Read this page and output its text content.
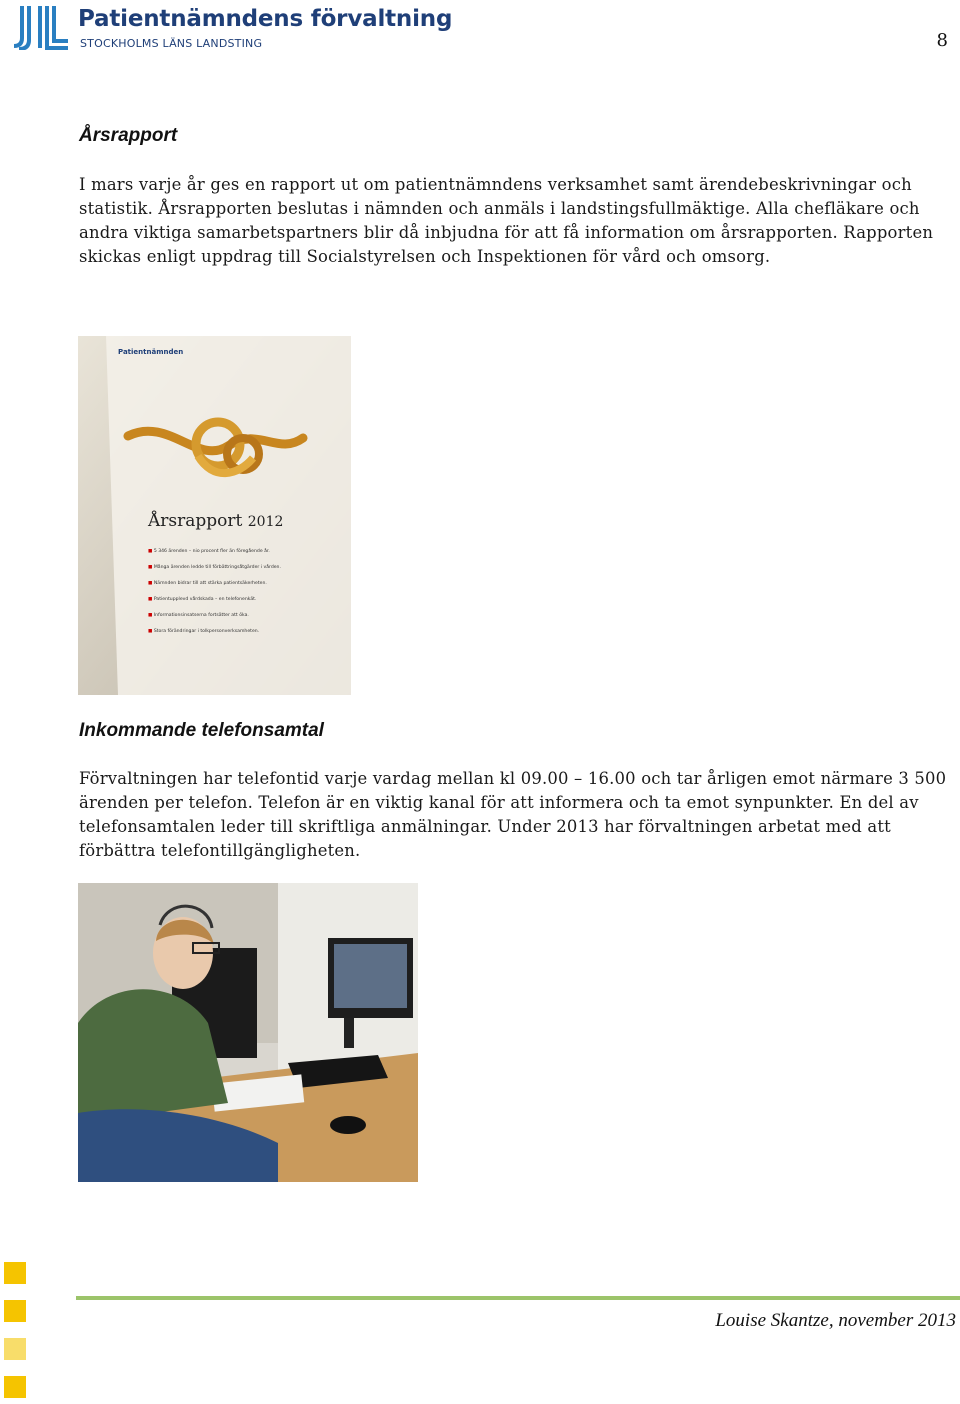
Patientnämndens förvaltning
STOCKHOLMS LÄNS LANDSTING	8
Årsrapport

I mars varje år ges en rapport ut om patientnämndens verksamhet samt ärendebeskrivningar och statistik. Årsrapporten beslutas i nämnden och anmäls i landstingsfullmäktige. Alla chefläkare och andra viktiga samarbetspartners blir då inbjudna för att få information om årsrapporten. Rapporten skickas enligt uppdrag till Socialstyrelsen och Inspektionen för vård och omsorg.

Patientnämnden
Årsrapport 2012
■ 5 346 ärenden – nio procent fler än föregående år.
■ Många ärenden ledde till förbättringsåtgärder i vården.
■ Nämnden bidrar till att stärka patientsäkerheten.
■ Patientupplevd vårdskada – en telefonenkät.
■ Informationsinsatserna fortsätter att öka.
■ Stora förändringar i tolkpersonverksamheten.
Inkommande telefonsamtal

Förvaltningen har telefontid varje vardag mellan kl 09.00 – 16.00 och tar årligen emot närmare 3 500 ärenden per telefon. Telefon är en viktig kanal för att informera och ta emot synpunkter. En del av telefonsamtalen leder till skriftliga anmälningar. Under 2013 har förvaltningen arbetat med att förbättra telefontillgängligheten.

Louise Skantze, november 2013
